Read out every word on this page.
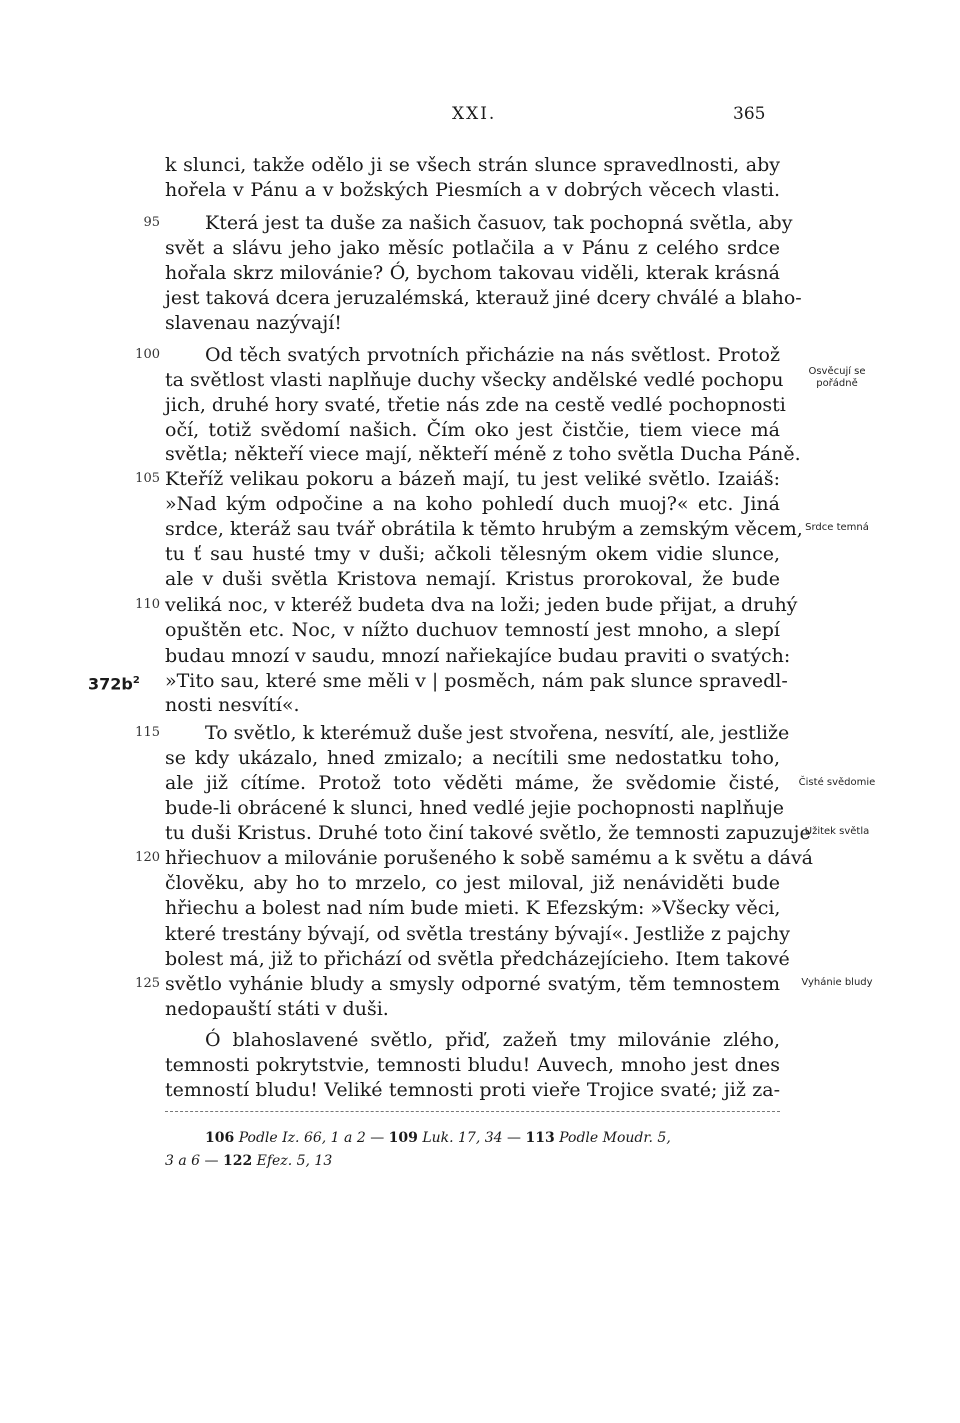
XXI.	365
k slunci, takže odělo ji se všech strán slunce spravedlnosti, aby
hořela v Pánu a v božských Piesmích a v dobrých věcech vlasti.
Která jest ta duše za našich časuov, tak pochopná světla, aby
svět a slávu jeho jako měsíc potlačila a v Pánu z celého srdce
hořala skrz milovánie? Ó, bychom takovau viděli, kterak krásná
jest taková dcera jeruzalémská, kterauž jiné dcery chválé a blaho-
slavenau nazývají!
Od těch svatých prvotních přicházie na nás světlost. Protož
ta světlost vlasti naplňuje duchy všecky andělské vedlé pochopu
jich, druhé hory svaté, třetie nás zde na cestě vedlé pochopnosti
očí, totiž svědomí našich. Čím oko jest čistčie, tiem viece má
světla; někteří viece mají, někteří méně z toho světla Ducha Páně.
Kteříž velikau pokoru a bázeň mají, tu jest veliké světlo. Izaiáš:
»Nad kým odpočine a na koho pohledí duch muoj?« etc. Jiná
srdce, kteráž sau tvář obrátila k těmto hrubým a zemským věcem,
tu ť sau husté tmy v duši; ačkoli tělesným okem vidie slunce,
ale v duši světla Kristova nemají. Kristus prorokoval, že bude
veliká noc, v kteréž budeta dva na loži; jeden bude přijat, a druhý
opuštěn etc. Noc, v nížto duchuov temností jest mnoho, a slepí
budau mnozí v saudu, mnozí nařiekajíce budau praviti o svatých:
»Tito sau, které sme měli v | posměch, nám pak slunce spravedl-
nosti nesvítí«.
To světlo, k kterémuž duše jest stvořena, nesvítí, ale, jestliže
se kdy ukázalo, hned zmizalo; a necítili sme nedostatku toho,
ale již cítíme. Protož toto věděti máme, že svědomie čisté,
bude-li obrácené k slunci, hned vedlé jejie pochopnosti naplňuje
tu duši Kristus. Druhé toto činí takové světlo, že temnosti zapuzuje
hřiechuov a milovánie porušeného k sobě samému a k světu a dává
člověku, aby ho to mrzelo, co jest miloval, již nenáviděti bude
hřiechu a bolest nad ním bude mieti. K Efezským: »Všecky věci,
které trestány bývají, od světla trestány bývají«. Jestliže z pajchy
bolest má, již to přichází od světla předcházejícieho. Item takové
světlo vyhánie bludy a smysly odporné svatým, těm temnostem
nedopauští státi v duši.
Ó blahoslavené světlo, přiď, zažeň tmy milovánie zlého,
temnosti pokrytstvie, temnosti bludu! Auvech, mnoho jest dnes
temností bludu! Veliké temnosti proti vieře Trojice svaté; již za-
95
100
105
110
115
120
125
$372b^2$
Osvěcují se pořádně
Srdce temná
Čisté svědomie
Užitek světla
Vyhánie bludy
106 Podle Iz. 66, 1 a 2 — 109 Luk. 17, 34 — 113 Podle Moudr. 5,
3 a 6 — 122 Efez. 5, 13
